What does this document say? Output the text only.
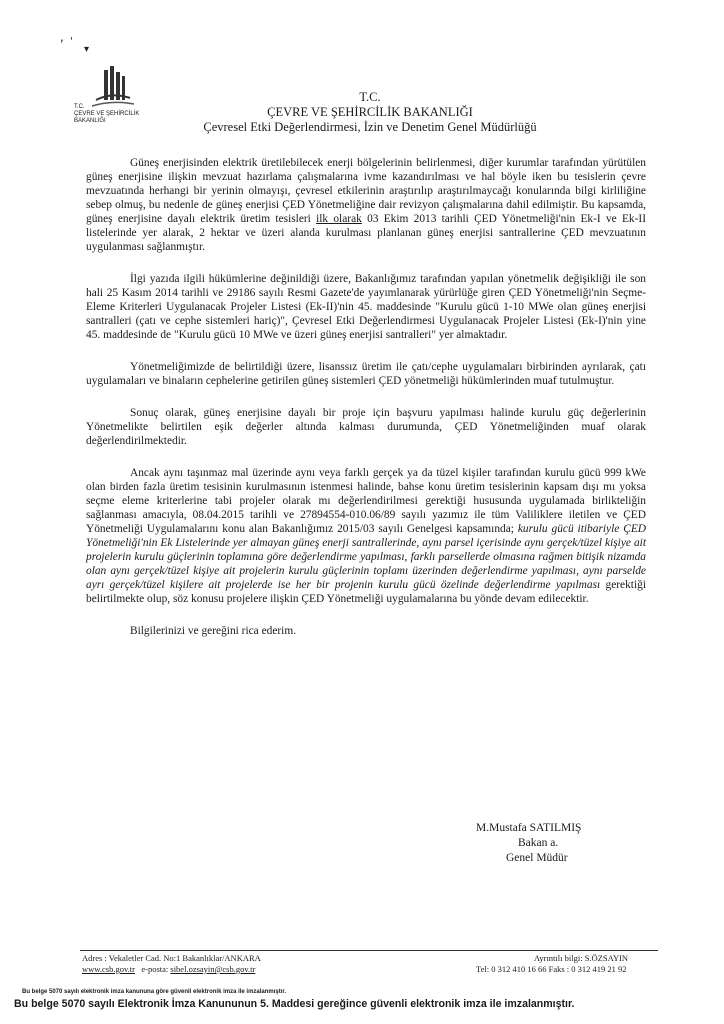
, '
▾
T.C.
ÇEVRE VE ŞEHİRCİLİK
BAKANLIĞI
T.C.
ÇEVRE VE ŞEHİRCİLİK BAKANLIĞI
Çevresel Etki Değerlendirmesi, İzin ve Denetim Genel Müdürlüğü

Güneş enerjisinden elektrik üretilebilecek enerji bölgelerinin belirlenmesi, diğer kurumlar tarafından yürütülen güneş enerjisine ilişkin mevzuat hazırlama çalışmalarına ivme kazandırılması ve hal böyle iken bu tesislerin çevre mevzuatında herhangi bir yerinin olmayışı, çevresel etkilerinin araştırılıp araştırılmaycağı konularında bilgi kirliliğine sebep olmuş, bu nedenle de güneş enerjisi ÇED Yönetmeliğine dair revizyon çalışmalarına dahil edilmiştir. Bu kapsamda, güneş enerjisine dayalı elektrik üretim tesisleri ilk olarak 03 Ekim 2013 tarihli ÇED Yönetmeliği'nin Ek-I ve Ek-II listelerinde yer alarak, 2 hektar ve üzeri alanda kurulması planlanan güneş enerjisi santrallerine ÇED mevzuatının uygulanması sağlanmıştır.

İlgi yazıda ilgili hükümlerine değinildiği üzere, Bakanlığımız tarafından yapılan yönetmelik değişikliği ile son hali 25 Kasım 2014 tarihli ve 29186 sayılı Resmi Gazete'de yayımlanarak yürürlüğe giren ÇED Yönetmeliği'nin Seçme-Eleme Kriterleri Uygulanacak Projeler Listesi (Ek-II)'nin 45. maddesinde "Kurulu gücü 1-10 MWe olan güneş enerjisi santralleri (çatı ve cephe sistemleri hariç)", Çevresel Etki Değerlendirmesi Uygulanacak Projeler Listesi (Ek-I)'nin yine 45. maddesinde de "Kurulu gücü 10 MWe ve üzeri güneş enerjisi santralleri" yer almaktadır.

Yönetmeliğimizde de belirtildiği üzere, lisanssız üretim ile çatı/cephe uygulamaları birbirinden ayrılarak, çatı uygulamaları ve binaların cephelerine getirilen güneş sistemleri ÇED yönetmeliği hükümlerinden muaf tutulmuştur.

Sonuç olarak, güneş enerjisine dayalı bir proje için başvuru yapılması halinde kurulu güç değerlerinin Yönetmelikte belirtilen eşik değerler altında kalması durumunda, ÇED Yönetmeliğinden muaf olarak değerlendirilmektedir.

Ancak aynı taşınmaz mal üzerinde aynı veya farklı gerçek ya da tüzel kişiler tarafından kurulu gücü 999 kWe olan birden fazla üretim tesisinin kurulmasının istenmesi halinde, bahse konu üretim tesislerinin kapsam dışı mı yoksa seçme eleme kriterlerine tabi projeler olarak mı değerlendirilmesi gerektiği hususunda uygulamada birlikteliğin sağlanması amacıyla, 08.04.2015 tarihli ve 27894554-010.06/89 sayılı yazımız ile tüm Valiliklere iletilen ve ÇED Yönetmeliği Uygulamalarını konu alan Bakanlığımız 2015/03 sayılı Genelgesi kapsamında; kurulu gücü itibariyle ÇED Yönetmeliği'nin Ek Listelerinde yer almayan güneş enerji santrallerinde, aynı parsel içerisinde aynı gerçek/tüzel kişiye ait projelerin kurulu güçlerinin toplamına göre değerlendirme yapılması, farklı parsellerde olmasına rağmen bitişik nizamda olan aynı gerçek/tüzel kişiye ait projelerin kurulu güçlerinin toplamı üzerinden değerlendirme yapılması, aynı parselde ayrı gerçek/tüzel kişilere ait projelerde ise her bir projenin kurulu gücü özelinde değerlendirme yapılması gerektiği belirtilmekte olup, söz konusu projelere ilişkin ÇED Yönetmeliği uygulamalarına bu yönde devam edilecektir.

Bilgilerinizi ve gereğini rica ederim.

M.Mustafa SATILMIŞ
Bakan a.
Genel Müdür
Adres : Vekaletler Cad. No:1 Bakanlıklar/ANKARA
www.csb.gov.tr e-posta: sibel.ozsayin@csb.gov.tr
Ayrıntılı bilgi: S.ÖZSAYIN
Tel: 0 312 410 16 66 Faks : 0 312 419 21 92
Bu belge 5070 sayılı elektronik imza kanununa göre güvenli elektronik imza ile imzalanmıştır.
Bu belge 5070 sayılı Elektronik İmza Kanununun 5. Maddesi gereğince güvenli elektronik imza ile imzalanmıştır.
